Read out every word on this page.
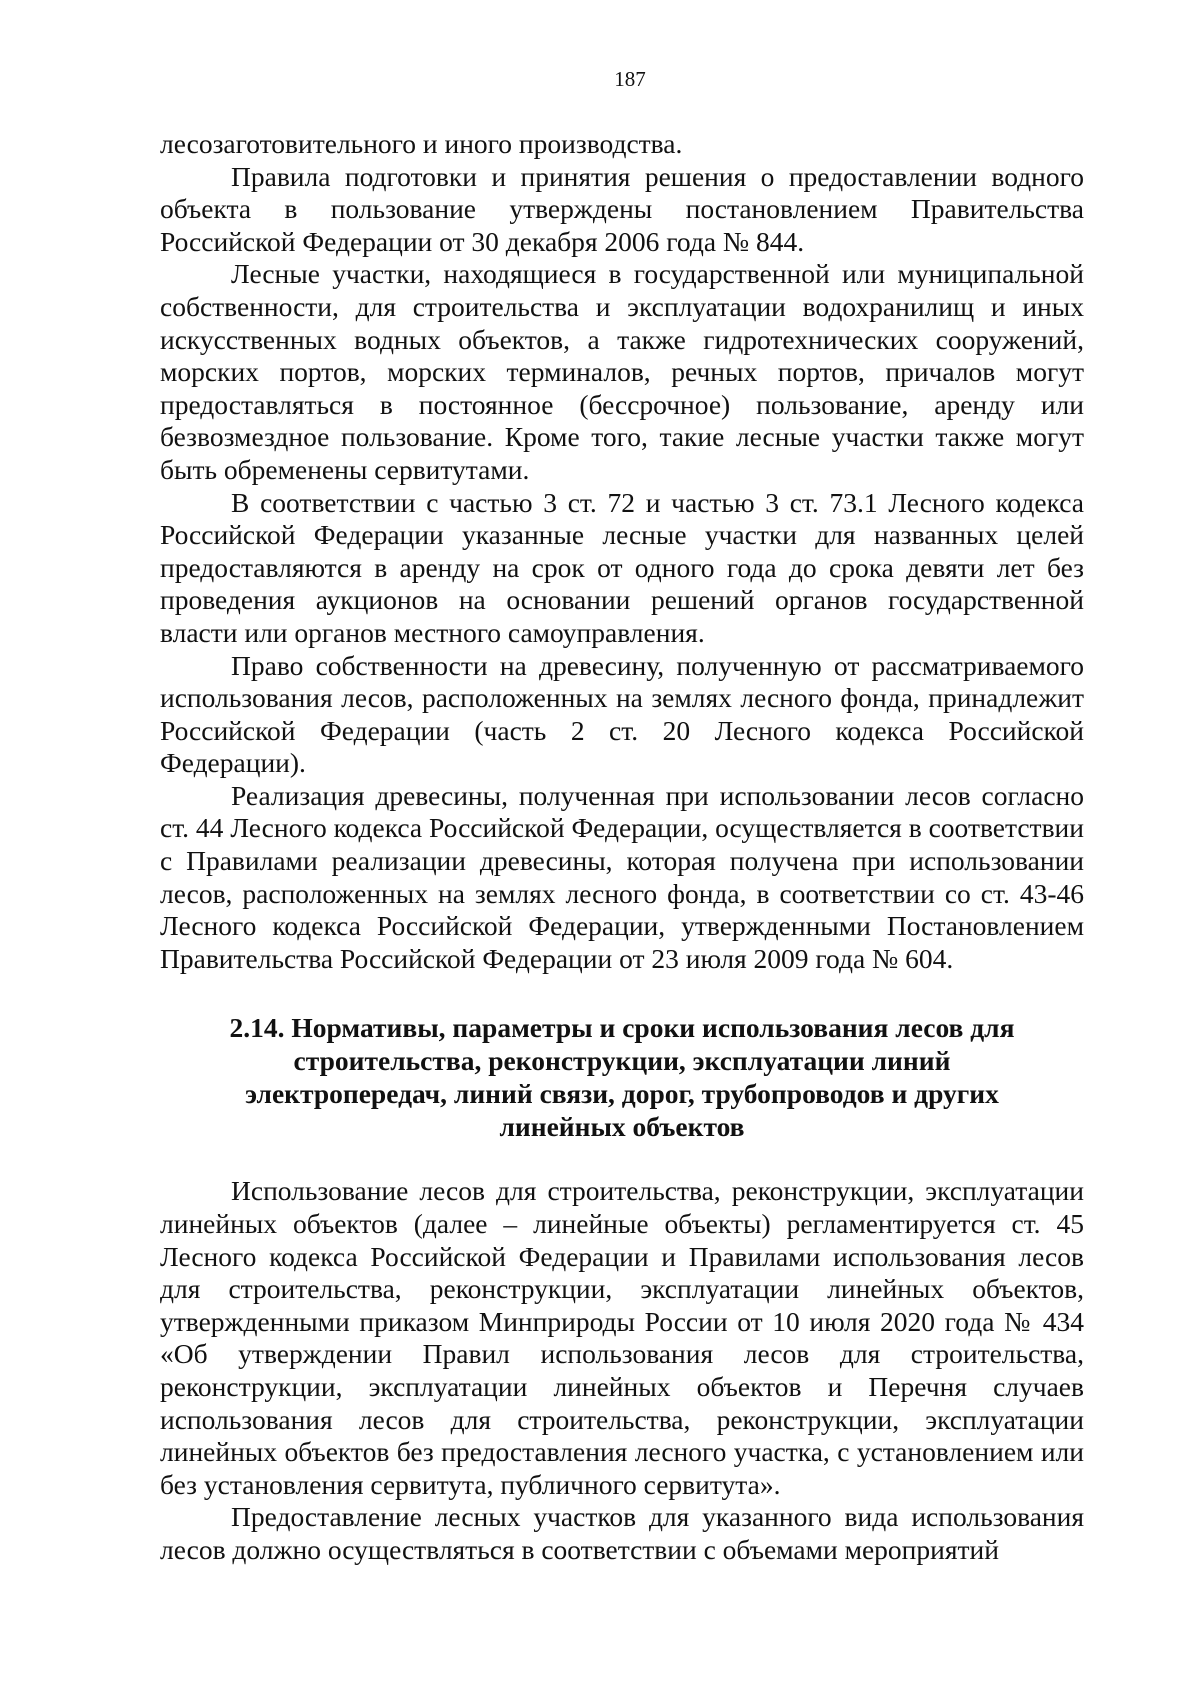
187

лесозаготовительного и иного производства.

Правила подготовки и принятия решения о предоставлении водного объекта в пользование утверждены постановлением Правительства Российской Федерации от 30 декабря 2006 года № 844.

Лесные участки, находящиеся в государственной или муниципальной собственности, для строительства и эксплуатации водохранилищ и иных искусственных водных объектов, а также гидротехнических сооружений, морских портов, морских терминалов, речных портов, причалов могут предоставляться в постоянное (бессрочное) пользование, аренду или безвозмездное пользование. Кроме того, такие лесные участки также могут быть обременены сервитутами.

В соответствии с частью 3 ст. 72 и частью 3 ст. 73.1 Лесного кодекса Российской Федерации указанные лесные участки для названных целей предоставляются в аренду на срок от одного года до срока девяти лет без проведения аукционов на основании решений органов государственной власти или органов местного самоуправления.

Право собственности на древесину, полученную от рассматриваемого использования лесов, расположенных на землях лесного фонда, принадлежит Российской Федерации (часть 2 ст. 20 Лесного кодекса Российской Федерации).

Реализация древесины, полученная при использовании лесов согласно ст. 44 Лесного кодекса Российской Федерации, осуществляется в соответствии с Правилами реализации древесины, которая получена при использовании лесов, расположенных на землях лесного фонда, в соответствии со ст. 43-46 Лесного кодекса Российской Федерации, утвержденными Постановлением Правительства Российской Федерации от 23 июля 2009 года № 604.

2.14. Нормативы, параметры и сроки использования лесов для строительства, реконструкции, эксплуатации линий электропередач, линий связи, дорог, трубопроводов и других линейных объектов

Использование лесов для строительства, реконструкции, эксплуатации линейных объектов (далее – линейные объекты) регламентируется ст. 45 Лесного кодекса Российской Федерации и Правилами использования лесов для строительства, реконструкции, эксплуатации линейных объектов, утвержденными приказом Минприроды России от 10 июля 2020 года № 434 «Об утверждении Правил использования лесов для строительства, реконструкции, эксплуатации линейных объектов и Перечня случаев использования лесов для строительства, реконструкции, эксплуатации линейных объектов без предоставления лесного участка, с установлением или без установления сервитута, публичного сервитута».

Предоставление лесных участков для указанного вида использования лесов должно осуществляться в соответствии с объемами мероприятий
